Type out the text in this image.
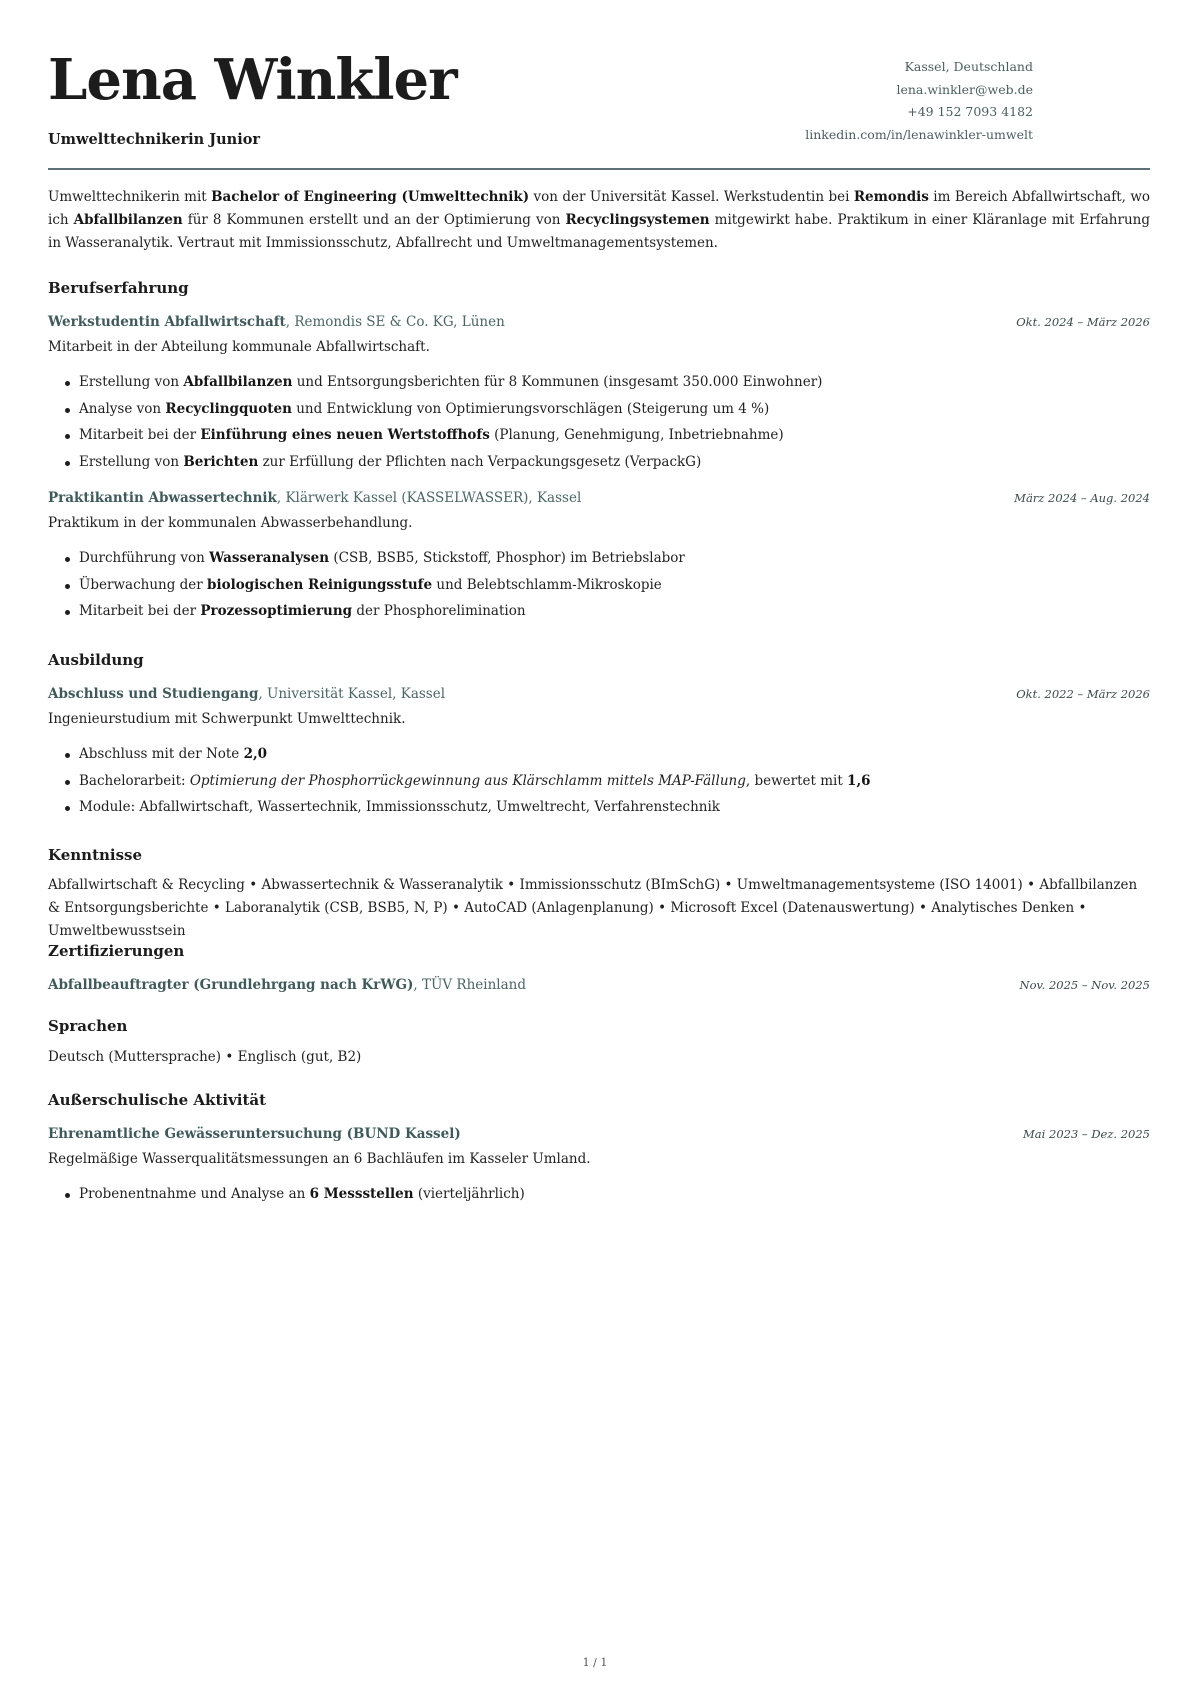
Lena Winkler
Umwelttechnikerin Junior
Kassel, Deutschland
lena.winkler@web.de
+49 152 7093 4182
linkedin.com/in/lenawinkler-umwelt
Umwelttechnikerin mit Bachelor of Engineering (Umwelttechnik) von der Universität Kassel. Werkstudentin bei Remondis im Bereich Abfallwirtschaft, wo ich Abfallbilanzen für 8 Kommunen erstellt und an der Optimierung von Recyclingsystemen mitgewirkt habe. Praktikum in einer Kläranlage mit Erfahrung in Wasseranalytik. Vertraut mit Immissionsschutz, Abfallrecht und Umweltmanagementsystemen.
Berufserfahrung
Werkstudentin Abfallwirtschaft, Remondis SE & Co. KG, Lünen	Okt. 2024 – März 2026
Mitarbeit in der Abteilung kommunale Abfallwirtschaft.
Erstellung von Abfallbilanzen und Entsorgungsberichten für 8 Kommunen (insgesamt 350.000 Einwohner)
Analyse von Recyclingquoten und Entwicklung von Optimierungsvorschlägen (Steigerung um 4 %)
Mitarbeit bei der Einführung eines neuen Wertstoffhofs (Planung, Genehmigung, Inbetriebnahme)
Erstellung von Berichten zur Erfüllung der Pflichten nach Verpackungsgesetz (VerpackG)
Praktikantin Abwassertechnik, Klärwerk Kassel (KASSELWASSER), Kassel	März 2024 – Aug. 2024
Praktikum in der kommunalen Abwasserbehandlung.
Durchführung von Wasseranalysen (CSB, BSB5, Stickstoff, Phosphor) im Betriebslabor
Überwachung der biologischen Reinigungsstufe und Belebtschlamm-Mikroskopie
Mitarbeit bei der Prozessoptimierung der Phosphorelimination
Ausbildung
Abschluss und Studiengang, Universität Kassel, Kassel	Okt. 2022 – März 2026
Ingenieurstudium mit Schwerpunkt Umwelttechnik.
Abschluss mit der Note 2,0
Bachelorarbeit: Optimierung der Phosphorrückgewinnung aus Klärschlamm mittels MAP-Fällung, bewertet mit 1,6
Module: Abfallwirtschaft, Wassertechnik, Immissionsschutz, Umweltrecht, Verfahrenstechnik
Kenntnisse
Abfallwirtschaft & Recycling • Abwassertechnik & Wasseranalytik • Immissionsschutz (BImSchG) • Umweltmanagementsysteme (ISO 14001) • Abfallbilanzen & Entsorgungsberichte • Laboranalytik (CSB, BSB5, N, P) • AutoCAD (Anlagenplanung) • Microsoft Excel (Datenauswertung) • Analytisches Denken • Umweltbewusstsein
Zertifizierungen
Abfallbeauftragter (Grundlehrgang nach KrWG), TÜV Rheinland	Nov. 2025 – Nov. 2025
Sprachen
Deutsch (Muttersprache) • Englisch (gut, B2)
Außerschulische Aktivität
Ehrenamtliche Gewässeruntersuchung (BUND Kassel)	Mai 2023 – Dez. 2025
Regelmäßige Wasserqualitätsmessungen an 6 Bachläufen im Kasseler Umland.
Probenentnahme und Analyse an 6 Messstellen (vierteljährlich)
1 / 1
